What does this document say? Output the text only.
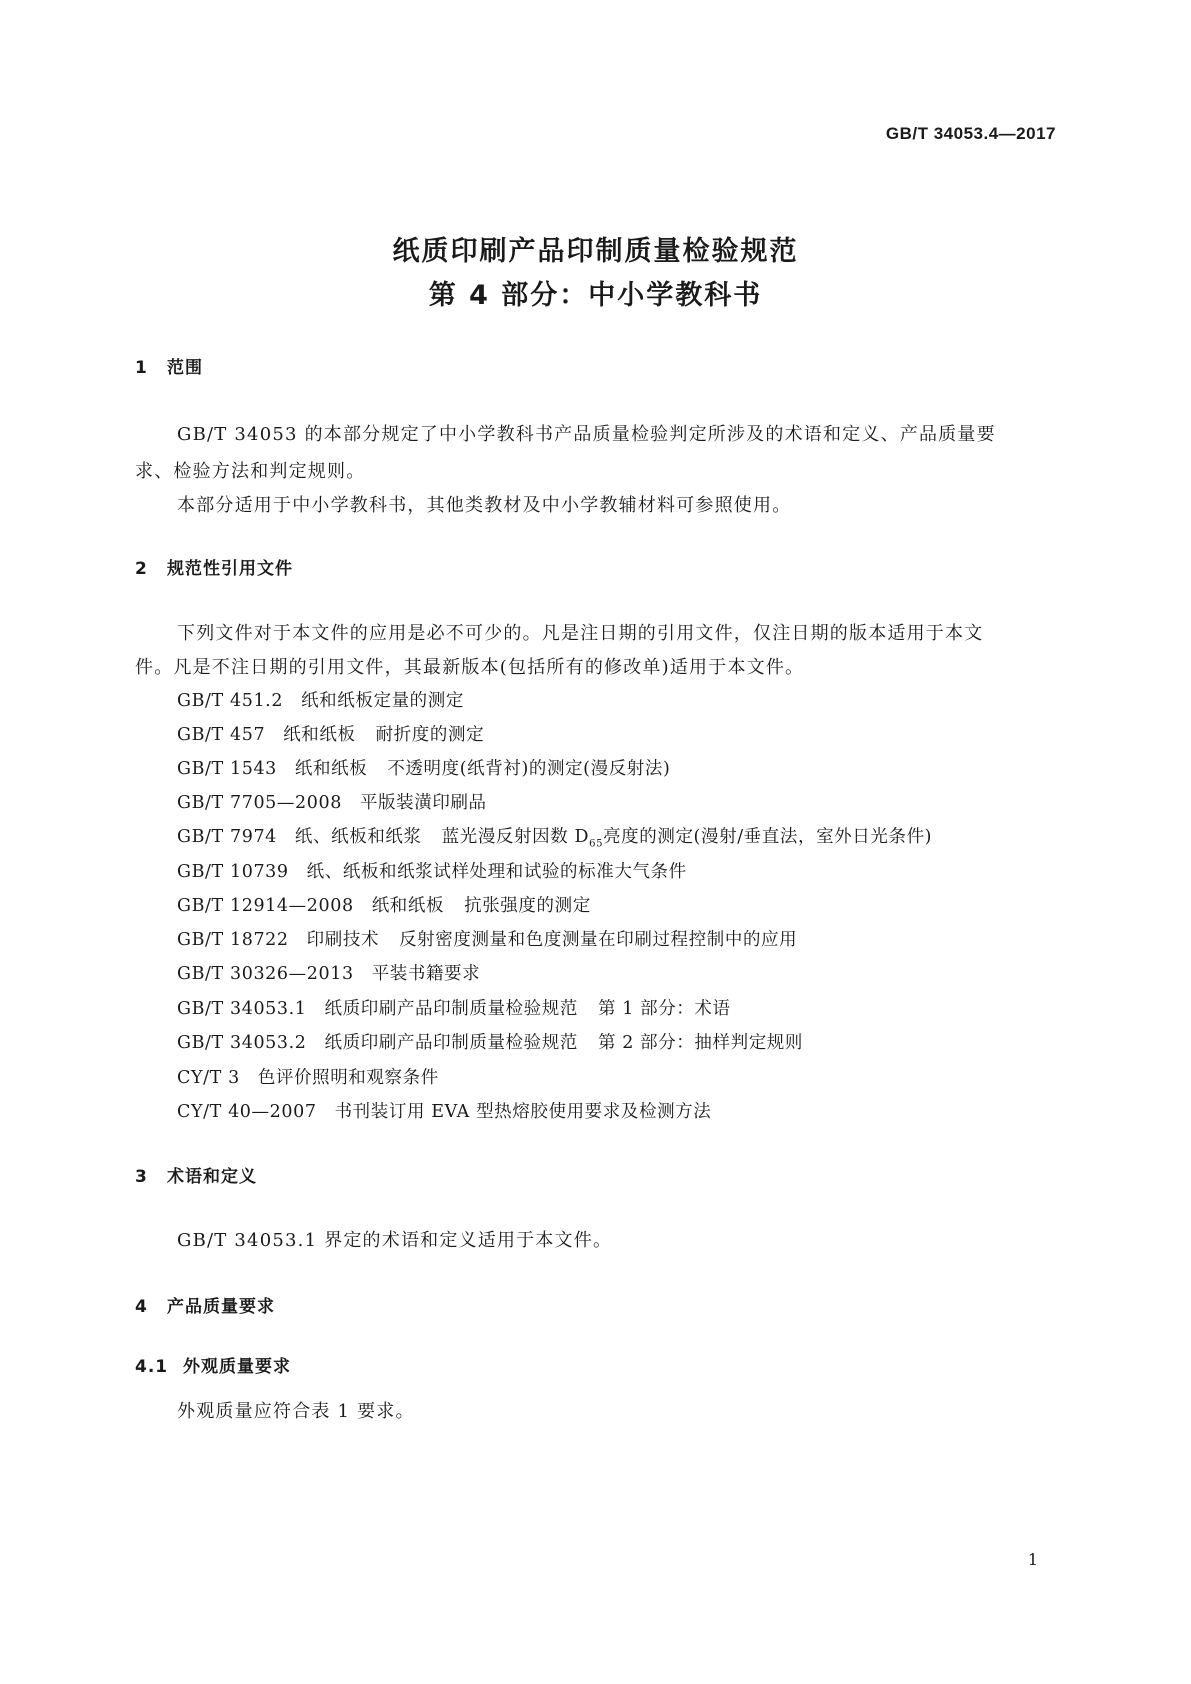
GB/T 34053.4—2017
纸质印刷产品印制质量检验规范
第 4 部分：中小学教科书
1 范围
GB/T 34053 的本部分规定了中小学教科书产品质量检验判定所涉及的术语和定义、产品质量要
求、检验方法和判定规则。
本部分适用于中小学教科书，其他类教材及中小学教辅材料可参照使用。
2 规范性引用文件
下列文件对于本文件的应用是必不可少的。凡是注日期的引用文件，仅注日期的版本适用于本文
件。凡是不注日期的引用文件，其最新版本(包括所有的修改单)适用于本文件。
GB/T 451.2 纸和纸板定量的测定
GB/T 457 纸和纸板 耐折度的测定
GB/T 1543 纸和纸板 不透明度(纸背衬)的测定(漫反射法)
GB/T 7705—2008 平版装潢印刷品
GB/T 7974 纸、纸板和纸浆 蓝光漫反射因数 $D_{65}$亮度的测定(漫射/垂直法，室外日光条件)
GB/T 10739 纸、纸板和纸浆试样处理和试验的标准大气条件
GB/T 12914—2008 纸和纸板 抗张强度的测定
GB/T 18722 印刷技术 反射密度测量和色度测量在印刷过程控制中的应用
GB/T 30326—2013 平装书籍要求
GB/T 34053.1 纸质印刷产品印制质量检验规范 第 1 部分：术语
GB/T 34053.2 纸质印刷产品印制质量检验规范 第 2 部分：抽样判定规则
CY/T 3 色评价照明和观察条件
CY/T 40—2007 书刊装订用 EVA 型热熔胶使用要求及检测方法
3 术语和定义
GB/T 34053.1 界定的术语和定义适用于本文件。
4 产品质量要求
4.1 外观质量要求
外观质量应符合表 1 要求。
1
